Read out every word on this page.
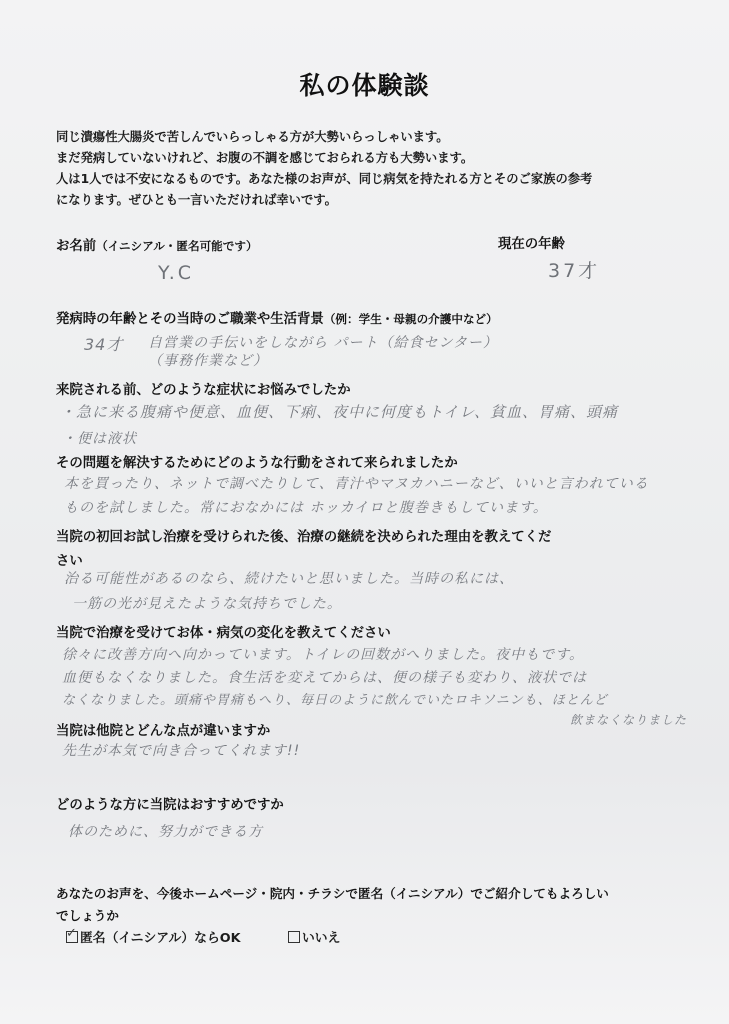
私の体験談

同じ潰瘍性大腸炎で苦しんでいらっしゃる方が大勢いらっしゃいます。

まだ発病していないけれど、お腹の不調を感じておられる方も大勢います。

人は1人では不安になるものです。あなた様のお声が、同じ病気を持たれる方とそのご家族の参考

になります。ぜひとも一言いただければ幸いです。

お名前（イニシアル・匿名可能です）	現在の年齢
Y.C	37才
発病時の年齢とその当時のご職業や生活背景（例：学生・母親の介護中など）
34才 自営業の手伝いをしながら パート（給食センター）
（事務作業など）
来院される前、どのような症状にお悩みでしたか
・急に来る腹痛や便意、血便、下痢、夜中に何度もトイレ、貧血、胃痛、頭痛
・便は液状
その問題を解決するためにどのような行動をされて来られましたか
本を買ったり、ネットで調べたりして、青汁やマヌカハニーなど、いいと言われている
ものを試しました。常におなかには ホッカイロと腹巻きもしています。
当院の初回お試し治療を受けられた後、治療の継続を決められた理由を教えてくだ
さい
治る可能性があるのなら、続けたいと思いました。当時の私には、
一筋の光が見えたような気持ちでした。
当院で治療を受けてお体・病気の変化を教えてください
徐々に改善方向へ向かっています。トイレの回数がへりました。夜中もです。
血便もなくなりました。食生活を変えてからは、便の様子も変わり、液状では
なくなりました。頭痛や胃痛もへり、毎日のように飲んでいたロキソニンも、ほとんど
飲まなくなりました
当院は他院とどんな点が違いますか
先生が本気で向き合ってくれます!!
どのような方に当院はおすすめですか
体のために、努力ができる方
あなたのお声を、今後ホームページ・院内・チラシで匿名（イニシアル）でご紹介してもよろしい
でしょうか
✓ 匿名（イニシアル）ならOK	いいえ
